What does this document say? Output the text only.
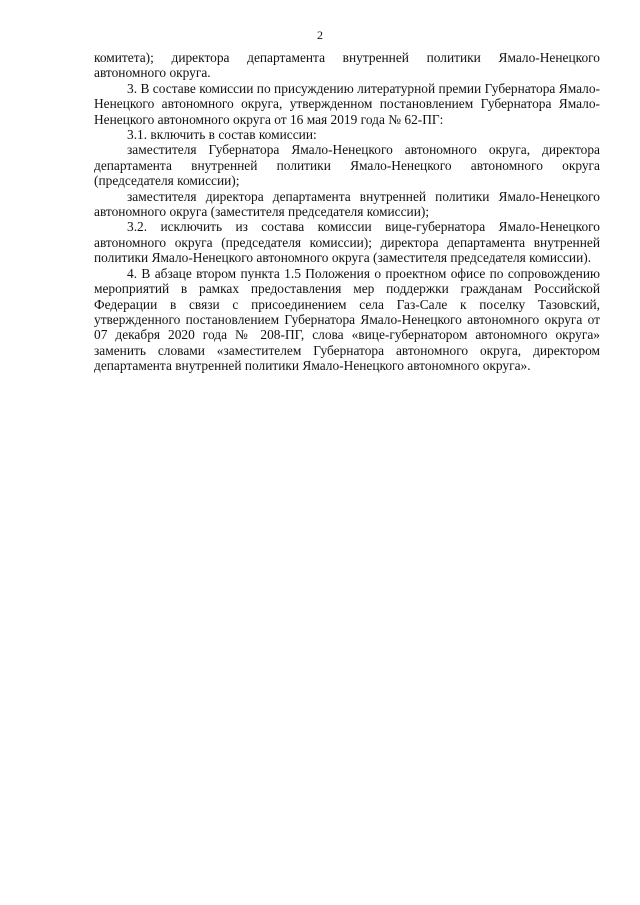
2

комитета); директора департамента внутренней политики Ямало-Ненецкого автономного округа.

3. В составе комиссии по присуждению литературной премии Губернатора Ямало-Ненецкого автономного округа, утвержденном постановлением Губернатора Ямало-Ненецкого автономного округа от 16 мая 2019 года № 62-ПГ:

3.1. включить в состав комиссии:

заместителя Губернатора Ямало-Ненецкого автономного округа, директора департамента внутренней политики Ямало-Ненецкого автономного округа (председателя комиссии);

заместителя директора департамента внутренней политики Ямало-Ненецкого автономного округа (заместителя председателя комиссии);

3.2. исключить из состава комиссии вице-губернатора Ямало-Ненецкого автономного округа (председателя комиссии); директора департамента внутренней политики Ямало-Ненецкого автономного округа (заместителя председателя комиссии).

4. В абзаце втором пункта 1.5 Положения о проектном офисе по сопровождению мероприятий в рамках предоставления мер поддержки гражданам Российской Федерации в связи с присоединением села Газ-Сале к поселку Тазовский, утвержденного постановлением Губернатора Ямало-Ненецкого автономного округа от 07 декабря 2020 года № 208-ПГ, слова «вице-губернатором автономного округа» заменить словами «заместителем Губернатора автономного округа, директором департамента внутренней политики Ямало-Ненецкого автономного округа».
